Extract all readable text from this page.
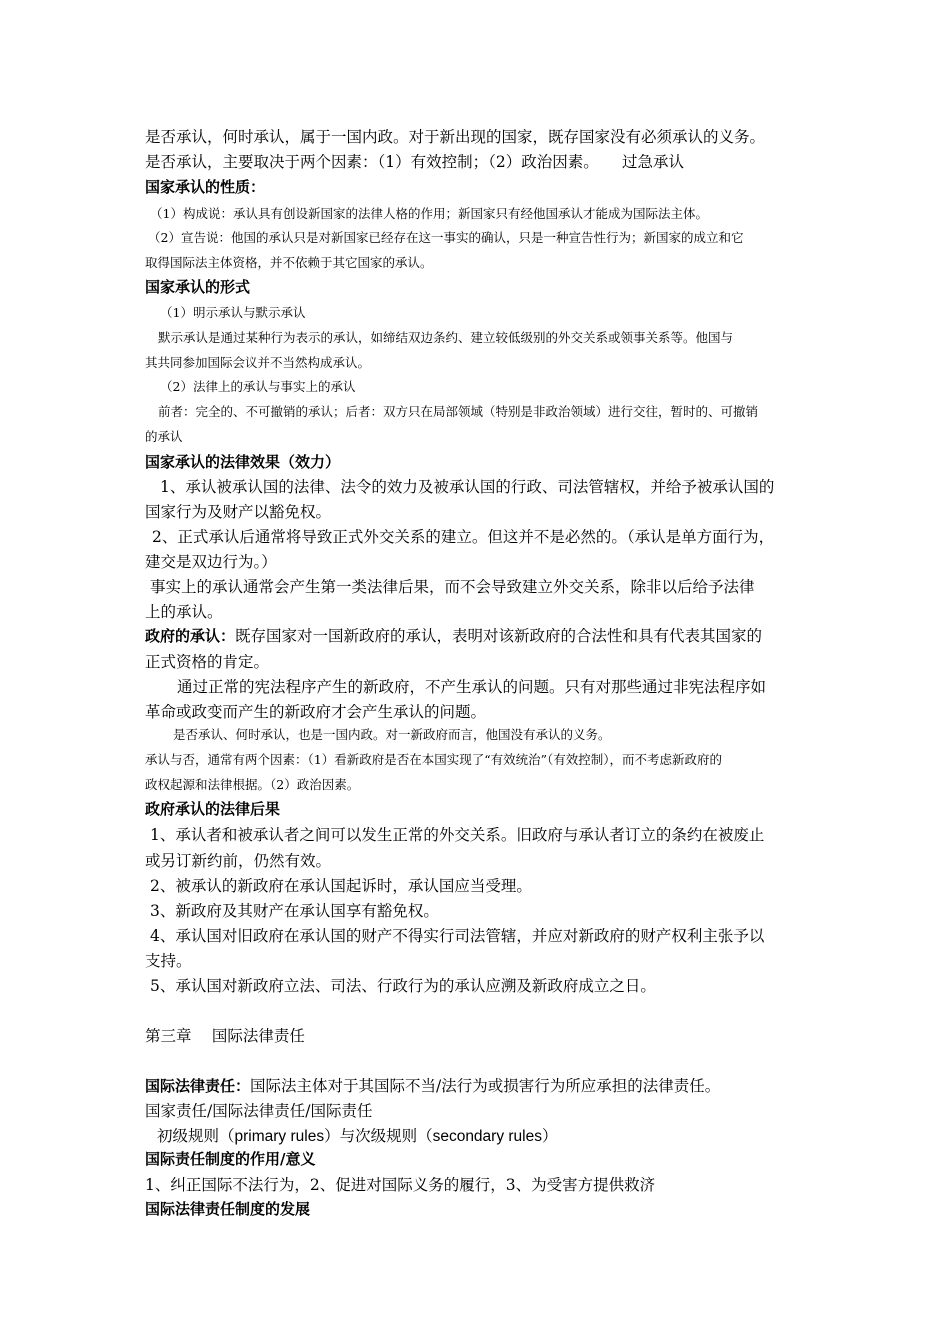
是否承认，何时承认，属于一国内政。对于新出现的国家，既存国家没有必须承认的义务。
是否承认，主要取决于两个因素：（1）有效控制；（2）政治因素。　　过急承认
国家承认的性质：
（1）构成说：承认具有创设新国家的法律人格的作用；新国家只有经他国承认才能成为国际法主体。
（2）宣告说：他国的承认只是对新国家已经存在这一事实的确认，只是一种宣告性行为；新国家的成立和它
取得国际法主体资格，并不依赖于其它国家的承认。
国家承认的形式
（1）明示承认与默示承认
默示承认是通过某种行为表示的承认，如缔结双边条约、建立较低级别的外交关系或领事关系等。他国与
其共同参加国际会议并不当然构成承认。
（2）法律上的承认与事实上的承认
前者：完全的、不可撤销的承认；后者：双方只在局部领域（特别是非政治领域）进行交往，暂时的、可撤销
的承认
国家承认的法律效果（效力）
1、承认被承认国的法律、法令的效力及被承认国的行政、司法管辖权，并给予被承认国的
国家行为及财产以豁免权。
2、正式承认后通常将导致正式外交关系的建立。但这并不是必然的。（承认是单方面行为，
建交是双边行为。）
事实上的承认通常会产生第一类法律后果，而不会导致建立外交关系，除非以后给予法律
上的承认。
政府的承认：既存国家对一国新政府的承认，表明对该新政府的合法性和具有代表其国家的
正式资格的肯定。
通过正常的宪法程序产生的新政府，不产生承认的问题。只有对那些通过非宪法程序如
革命或政变而产生的新政府才会产生承认的问题。
是否承认、何时承认，也是一国内政。对一新政府而言，他国没有承认的义务。
承认与否，通常有两个因素：（1）看新政府是否在本国实现了“有效统治”（有效控制），而不考虑新政府的
政权起源和法律根据。（2）政治因素。
政府承认的法律后果
1、承认者和被承认者之间可以发生正常的外交关系。旧政府与承认者订立的条约在被废止
或另订新约前，仍然有效。
2、被承认的新政府在承认国起诉时，承认国应当受理。
3、新政府及其财产在承认国享有豁免权。
4、承认国对旧政府在承认国的财产不得实行司法管辖，并应对新政府的财产权利主张予以
支持。
5、承认国对新政府立法、司法、行政行为的承认应溯及新政府成立之日。
第三章　 国际法律责任
国际法律责任：国际法主体对于其国际不当/法行为或损害行为所应承担的法律责任。
国家责任/国际法律责任/国际责任
初级规则（primary rules）与次级规则（secondary rules）
国际责任制度的作用/意义
1、纠正国际不法行为，2、促进对国际义务的履行，3、为受害方提供救济
国际法律责任制度的发展
